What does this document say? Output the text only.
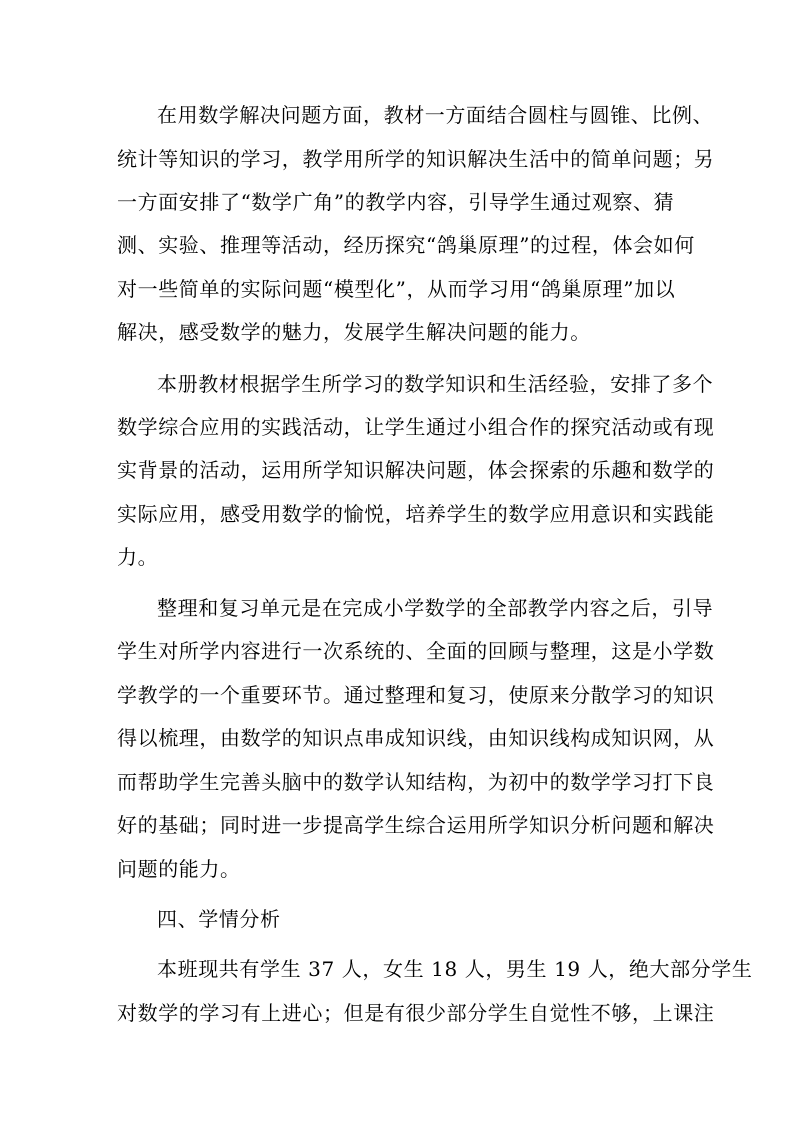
在用数学解决问题方面，教材一方面结合圆柱与圆锥、比例、
统计等知识的学习，教学用所学的知识解决生活中的简单问题；另
一方面安排了“数学广角”的教学内容，引导学生通过观察、猜
测、实验、推理等活动，经历探究“鸽巢原理”的过程，体会如何
对一些简单的实际问题“模型化”，从而学习用“鸽巢原理”加以
解决，感受数学的魅力，发展学生解决问题的能力。
本册教材根据学生所学习的数学知识和生活经验，安排了多个
数学综合应用的实践活动，让学生通过小组合作的探究活动或有现
实背景的活动，运用所学知识解决问题，体会探索的乐趣和数学的
实际应用，感受用数学的愉悦，培养学生的数学应用意识和实践能
力。
整理和复习单元是在完成小学数学的全部教学内容之后，引导
学生对所学内容进行一次系统的、全面的回顾与整理，这是小学数
学教学的一个重要环节。通过整理和复习，使原来分散学习的知识
得以梳理，由数学的知识点串成知识线，由知识线构成知识网，从
而帮助学生完善头脑中的数学认知结构，为初中的数学学习打下良
好的基础；同时进一步提高学生综合运用所学知识分析问题和解决
问题的能力。
四、学情分析
本班现共有学生 37 人，女生 18 人，男生 19 人，绝大部分学生
对数学的学习有上进心；但是有很少部分学生自觉性不够，上课注
